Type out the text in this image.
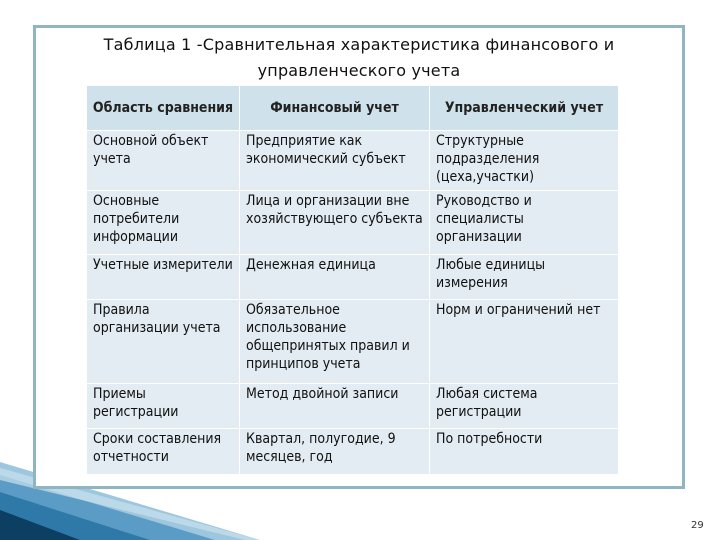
Таблица 1 -Сравнительная характеристика финансового и
управленческого учета
Область сравнения	Финансовый учет	Управленческий учет
Основной объект учета	Предприятие как экономический субъект	Структурные подразделения (цеха,участки)
Основные потребители информации	Лица и организации вне хозяйствующего субъекта	Руководство и специалисты организации
Учетные измерители	Денежная единица	Любые единицы измерения
Правила организации учета	Обязательное использование общепринятых правил и принципов учета	Норм и ограничений нет
Приемы регистрации	Метод двойной записи	Любая система регистрации
Сроки составления отчетности	Квартал, полугодие, 9 месяцев, год	По потребности
29
